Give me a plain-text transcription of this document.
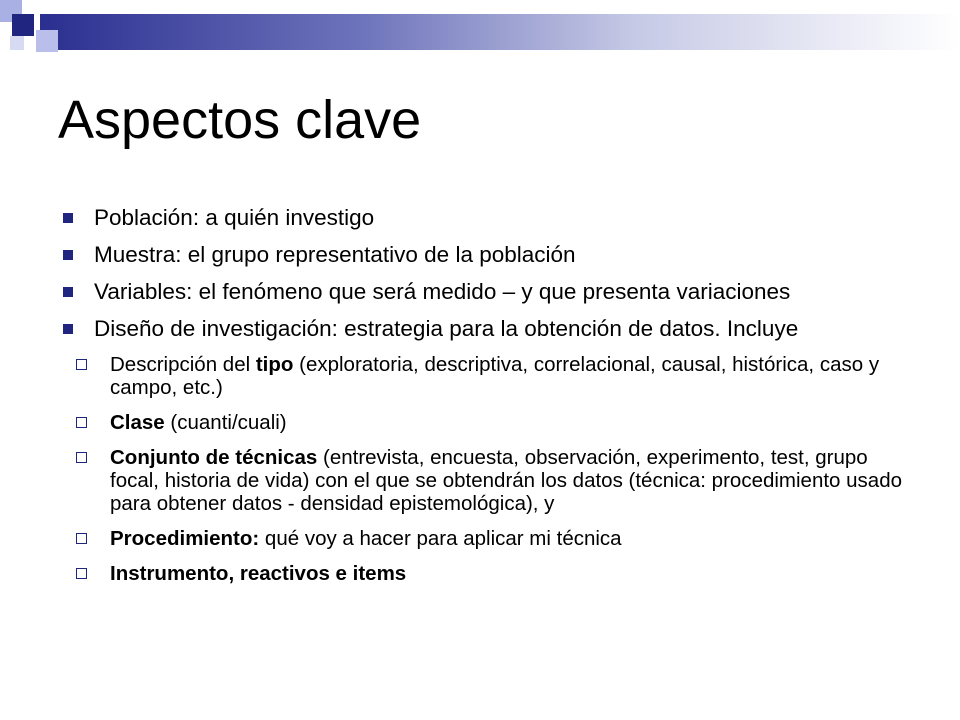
Aspectos clave
Población: a quién investigo
Muestra: el grupo representativo de la población
Variables: el fenómeno que será medido – y que presenta variaciones
Diseño de investigación: estrategia para la obtención de datos. Incluye
Descripción del tipo (exploratoria, descriptiva, correlacional, causal, histórica, caso y campo, etc.)
Clase (cuanti/cuali)
Conjunto de técnicas (entrevista, encuesta, observación, experimento, test, grupo focal, historia de vida) con el que se obtendrán los datos (técnica: procedimiento usado para obtener datos - densidad epistemológica), y
Procedimiento: qué voy a hacer para aplicar mi técnica
Instrumento, reactivos e items
